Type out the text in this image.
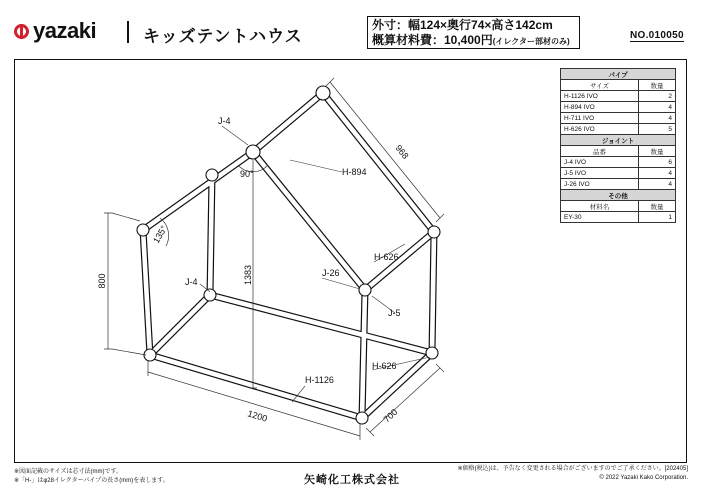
yazaki	キッズテントハウス
外寸：幅124×奥行74×高さ142cm
概算材料費：10,400円(イレクター部材のみ)
NO.010050
J-4
90°
968
H-894
135°
J-4	1383
800
H-626
J-26
J-5
H-626
H-1126
1200	700
パイプ	
サイズ	数量
H-1126 IVO	2
H-894 IVO	4
H-711 IVO	4
H-626 IVO	5
ジョイント	
品番	数量
J-4 IVO	6
J-5 IVO	4
J-26 IVO	4
その他	
材料名	数量
EY-30	1
※図面記載のサイズは芯寸法(mm)です。
※「H-」はφ28イレクターパイプの長さ(mm)を表します。	矢崎化工株式会社
※価格(税込)は、予告なく変更される場合がございますのでご了承ください。[202405]
© 2022 Yazaki Kako Corporation.
